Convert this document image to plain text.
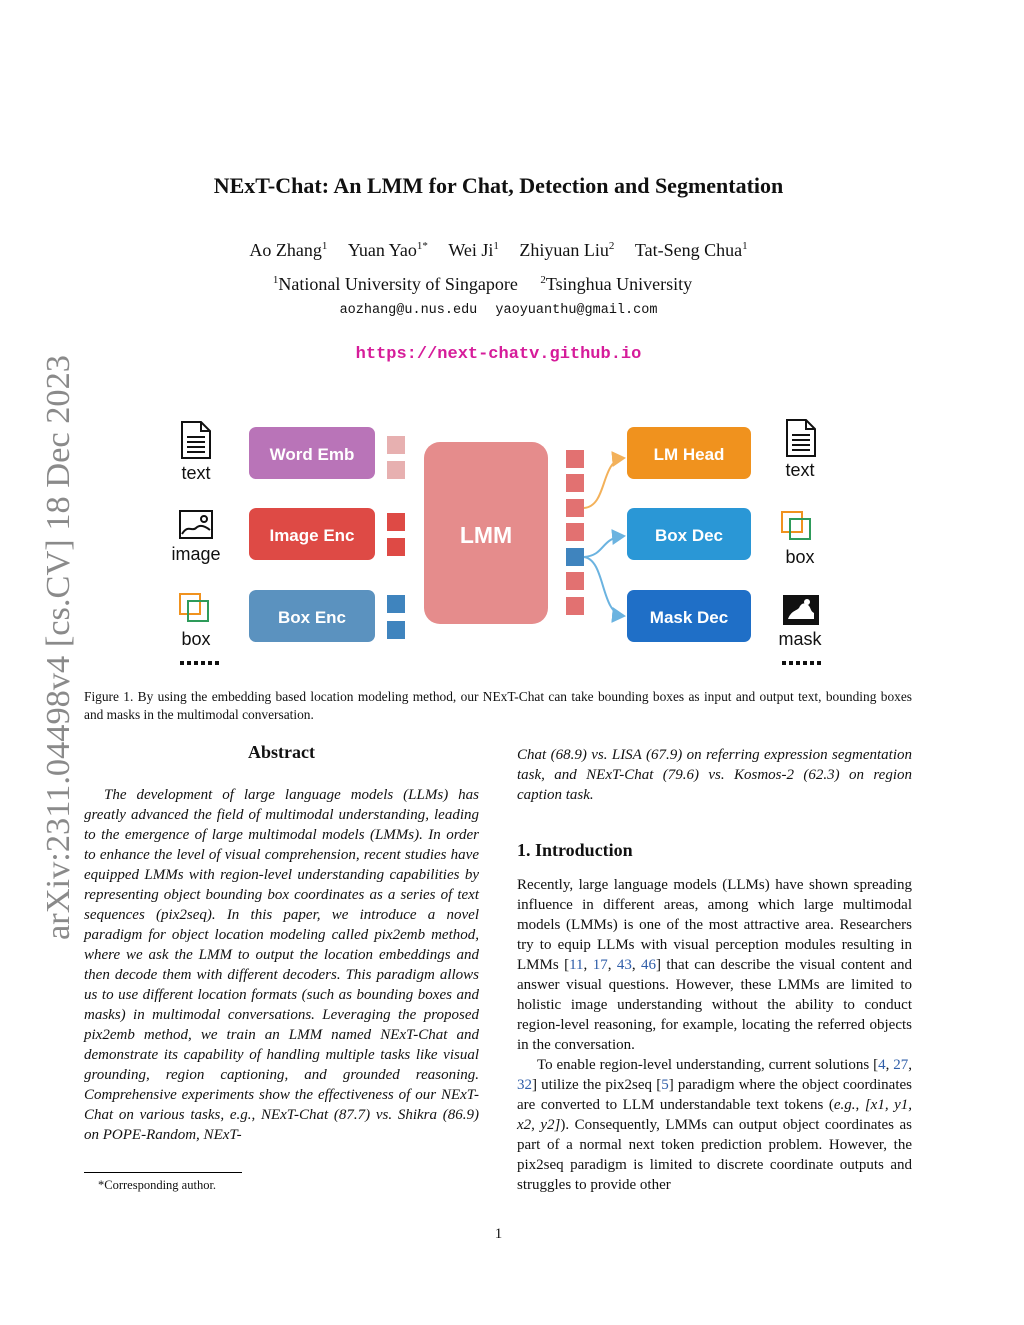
arXiv:2311.04498v4 [cs.CV] 18 Dec 2023
NExT-Chat: An LMM for Chat, Detection and Segmentation
Ao Zhang$^1$ Yuan Yao$^{1*}$ Wei Ji$^1$ Zhiyuan Liu$^2$ Tat-Seng Chua$^1$
$^1$National University of Singapore $^2$Tsinghua University
aozhang@u.nus.edu yaoyuanthu@gmail.com
https://next-chatv.github.io
text
image
box
Word Emb
Image Enc
Box Enc
LMM
LM Head
Box Dec
Mask Dec
text
box
mask
Figure 1. By using the embedding based location modeling method, our NExT-Chat can take bounding boxes as input and output text, bounding boxes and masks in the multimodal conversation.
Abstract
The development of large language models (LLMs) has greatly advanced the field of multimodal understanding, leading to the emergence of large multimodal models (LMMs). In order to enhance the level of visual comprehension, recent studies have equipped LMMs with region-level understanding capabilities by representing object bounding box coordinates as a series of text sequences (pix2seq). In this paper, we introduce a novel paradigm for object location modeling called pix2emb method, where we ask the LMM to output the location embeddings and then decode them with different decoders. This paradigm allows us to use different location formats (such as bounding boxes and masks) in multimodal conversations. Leveraging the proposed pix2emb method, we train an LMM named NExT-Chat and demonstrate its capability of handling multiple tasks like visual grounding, region captioning, and grounded reasoning. Comprehensive experiments show the effectiveness of our NExT-Chat on various tasks, e.g., NExT-Chat (87.7) vs. Shikra (86.9) on POPE-Random, NExT-
Chat (68.9) vs. LISA (67.9) on referring expression segmentation task, and NExT-Chat (79.6) vs. Kosmos-2 (62.3) on region caption task.
1. Introduction
Recently, large language models (LLMs) have shown spreading influence in different areas, among which large multimodal models (LMMs) is one of the most attractive area. Researchers try to equip LLMs with visual perception modules resulting in LMMs [11, 17, 43, 46] that can describe the visual content and answer visual questions. However, these LMMs are limited to holistic image understanding without the ability to conduct region-level reasoning, for example, locating the referred objects in the conversation.
To enable region-level understanding, current solutions [4, 27, 32] utilize the pix2seq [5] paradigm where the object coordinates are converted to LLM understandable text tokens (e.g., [x1, y1, x2, y2]). Consequently, LMMs can output object coordinates as part of a normal next token prediction problem. However, the pix2seq paradigm is limited to discrete coordinate outputs and struggles to provide other
*Corresponding author.
1
